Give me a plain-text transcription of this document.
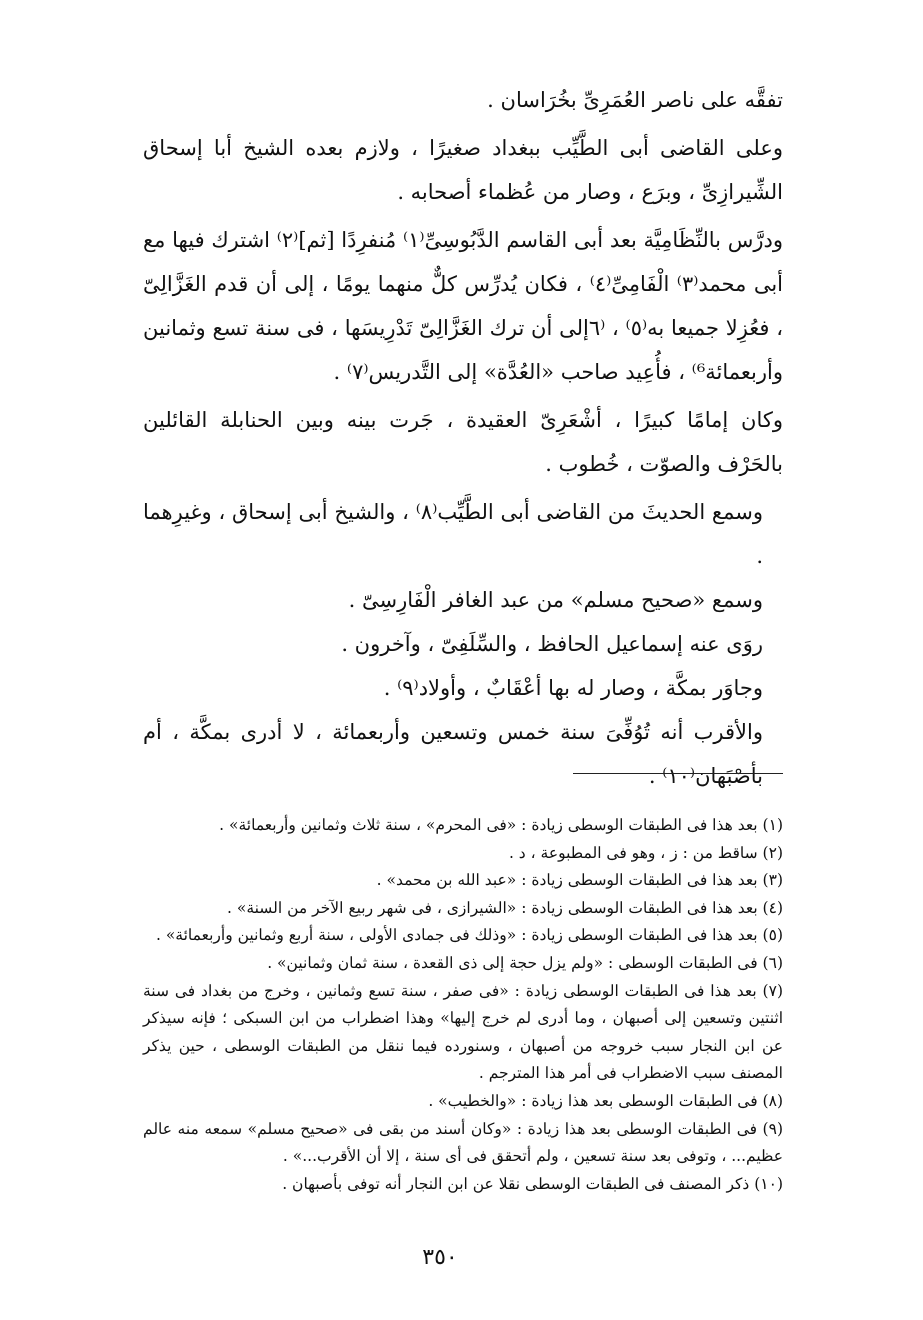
تفقَّه على ناصر العُمَرِىِّ بخُرَاسان .

وعلى القاضى أبى الطَّيِّب ببغداد صغيرًا ، ولازم بعده الشيخ أبا إسحاق الشِّيرازِىِّ ، وبرَع ، وصار من عُظماء أصحابه .

ودرَّس بالنِّظَامِيَّة بعد أبى القاسم الدَّبُوسِىِّ⁽١⁾ مُنفرِدًا [ثم]⁽٢⁾ اشترك فيها مع أبى محمد⁽٣⁾ الْفَامِىِّ⁽٤⁾ ، فكان يُدرِّس كلٌّ منهما يومًا ، إلى أن قدم الغَزَّالِىّ ، فعُزِلا جميعا به⁽٥⁾ ، ⁽٦إلى أن ترك الغَزَّالِىّ تَدْرِيسَها ، فى سنة تسع وثمانين وأربعمائة⁶⁾ ، فأُعِيد صاحب «العُدَّة» إلى التَّدريس⁽٧⁾ .

وكان إمامًا كبيرًا ، أشْعَرِىّ العقيدة ، جَرت بينه وبين الحنابلة القائلين بالحَرْف والصوّت ، خُطوب .

وسمع الحديثَ من القاضى أبى الطَّيِّب⁽٨⁾ ، والشيخ أبى إسحاق ، وغيرِهما .

وسمع «صحيح مسلم» من عبد الغافر الْفَارِسِىّ .

روَى عنه إسماعيل الحافظ ، والسِّلَفِىّ ، وآخرون .

وجاوَر بمكَّة ، وصار له بها أعْقَابٌ ، وأولاد⁽٩⁾ .

والأقرب أنه تُوُفِّىَ سنة خمس وتسعين وأربعمائة ، لا أدرى بمكَّة ، أم بأصْبَهان⁽١٠⁾ .

(١) بعد هذا فى الطبقات الوسطى زيادة : «فى المحرم» ، سنة ثلاث وثمانين وأربعمائة» .

(٢) ساقط من : ز ، وهو فى المطبوعة ، د .

(٣) بعد هذا فى الطبقات الوسطى زيادة : «عبد الله بن محمد» .

(٤) بعد هذا فى الطبقات الوسطى زيادة : «الشيرازى ، فى شهر ربيع الآخر من السنة» .

(٥) بعد هذا فى الطبقات الوسطى زيادة : «وذلك فى جمادى الأولى ، سنة أربع وثمانين وأربعمائة» .

(٦) فى الطبقات الوسطى : «ولم يزل حجة إلى ذى القعدة ، سنة ثمان وثمانين» .

(٧) بعد هذا فى الطبقات الوسطى زيادة : «فى صفر ، سنة تسع وثمانين ، وخرج من بغداد فى سنة اثنتين وتسعين إلى أصبهان ، وما أدرى لم خرج إليها» وهذا اضطراب من ابن السبكى ؛ فإنه سيذكر عن ابن النجار سبب خروجه من أصبهان ، وسنورده فيما ننقل من الطبقات الوسطى ، حين يذكر المصنف سبب الاضطراب فى أمر هذا المترجم .

(٨) فى الطبقات الوسطى بعد هذا زيادة : «والخطيب» .

(٩) فى الطبقات الوسطى بعد هذا زيادة : «وكان أسند من بقى فى «صحيح مسلم» سمعه منه عالم عظيم... ، وتوفى بعد سنة تسعين ، ولم أتحقق فى أى سنة ، إلا أن الأقرب...» .

(١٠) ذكر المصنف فى الطبقات الوسطى نقلا عن ابن النجار أنه توفى بأصبهان .

٣٥٠
